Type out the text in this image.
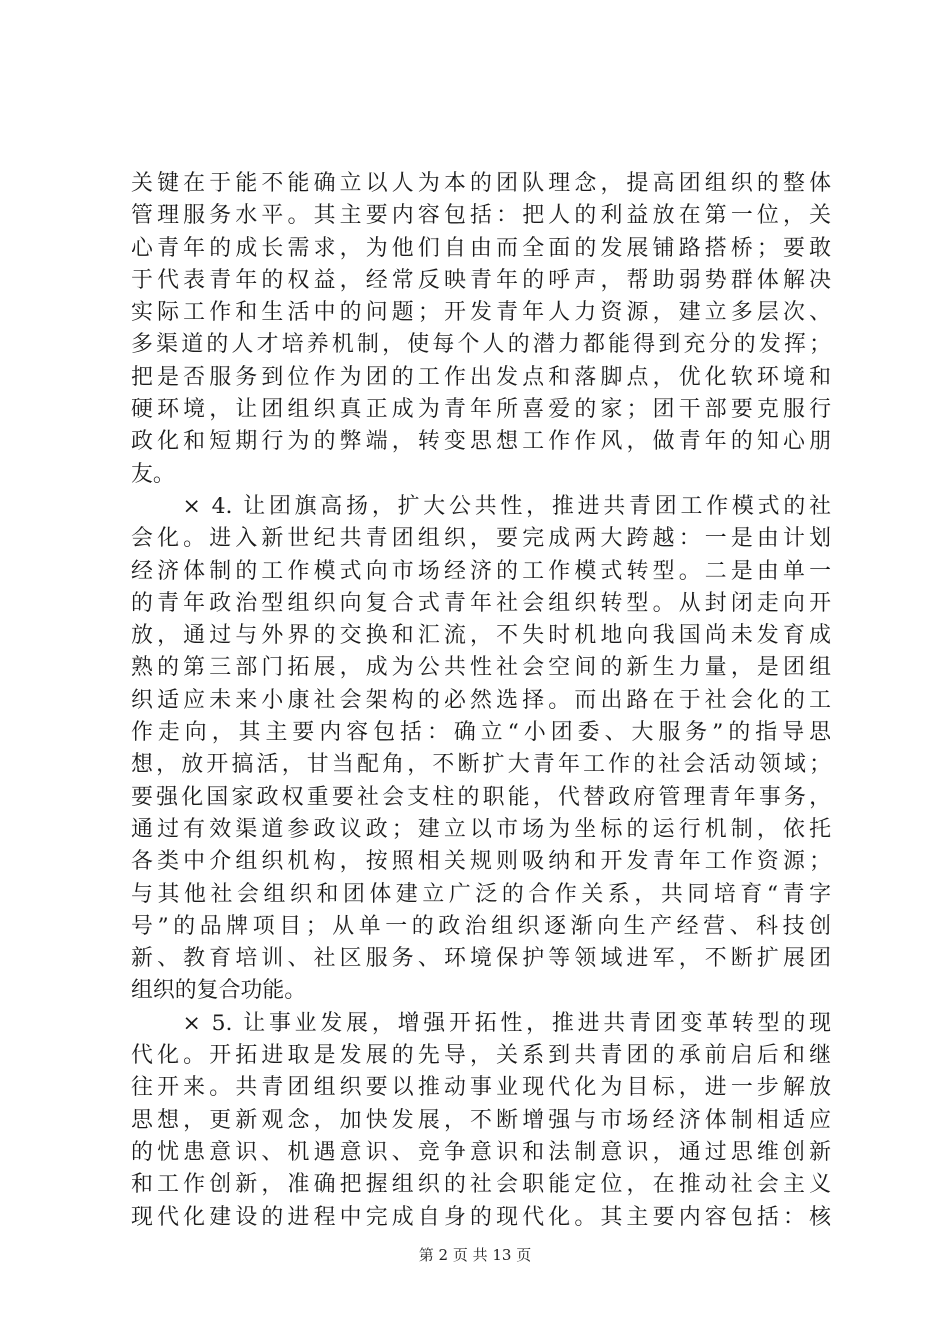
关键在于能不能确立以人为本的团队理念，提高团组织的整体
管理服务水平。其主要内容包括：把人的利益放在第一位，关
心青年的成长需求，为他们自由而全面的发展铺路搭桥；要敢
于代表青年的权益，经常反映青年的呼声，帮助弱势群体解决
实际工作和生活中的问题；开发青年人力资源，建立多层次、
多渠道的人才培养机制，使每个人的潜力都能得到充分的发挥；
把是否服务到位作为团的工作出发点和落脚点，优化软环境和
硬环境，让团组织真正成为青年所喜爱的家；团干部要克服行
政化和短期行为的弊端，转变思想工作作风，做青年的知心朋
友。
　　× 4. 让团旗高扬，扩大公共性，推进共青团工作模式的社
会化。进入新世纪共青团组织，要完成两大跨越：一是由计划
经济体制的工作模式向市场经济的工作模式转型。二是由单一
的青年政治型组织向复合式青年社会组织转型。从封闭走向开
放，通过与外界的交换和汇流，不失时机地向我国尚未发育成
熟的第三部门拓展，成为公共性社会空间的新生力量，是团组
织适应未来小康社会架构的必然选择。而出路在于社会化的工
作走向，其主要内容包括：确立“小团委、大服务”的指导思
想，放开搞活，甘当配角，不断扩大青年工作的社会活动领域；
要强化国家政权重要社会支柱的职能，代替政府管理青年事务，
通过有效渠道参政议政；建立以市场为坐标的运行机制，依托
各类中介组织机构，按照相关规则吸纳和开发青年工作资源；
与其他社会组织和团体建立广泛的合作关系，共同培育“青字
号”的品牌项目；从单一的政治组织逐渐向生产经营、科技创
新、教育培训、社区服务、环境保护等领域进军，不断扩展团
组织的复合功能。
　　× 5. 让事业发展，增强开拓性，推进共青团变革转型的现
代化。开拓进取是发展的先导，关系到共青团的承前启后和继
往开来。共青团组织要以推动事业现代化为目标，进一步解放
思想，更新观念，加快发展，不断增强与市场经济体制相适应
的忧患意识、机遇意识、竞争意识和法制意识，通过思维创新
和工作创新，准确把握组织的社会职能定位，在推动社会主义
现代化建设的进程中完成自身的现代化。其主要内容包括：核
第 2 页 共 13 页
